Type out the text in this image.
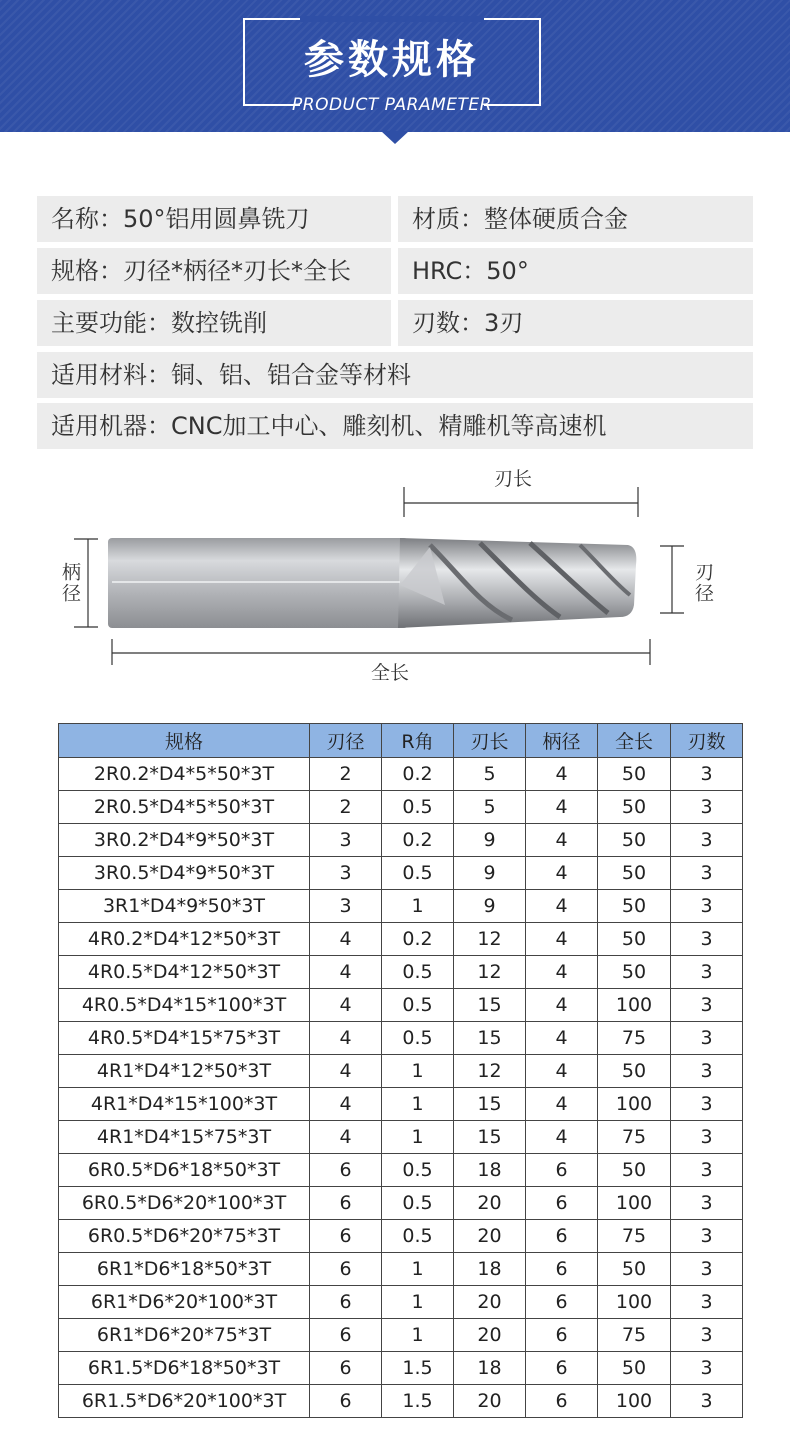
参数规格
PRODUCT PARAMETER
名称：50°铝用圆鼻铣刀	材质：整体硬质合金
规格：刃径*柄径*刃长*全长	HRC：50°
主要功能：数控铣削	刃数：3刃
适用材料：铜、铝、铝合金等材料
适用机器：CNC加工中心、雕刻机、精雕机等高速机
刃长
柄径	刃径
全长
规格	刃径	R角	刃长	柄径	全长	刃数
2R0.2*D4*5*50*3T	2	0.2	5	4	50	3
2R0.5*D4*5*50*3T	2	0.5	5	4	50	3
3R0.2*D4*9*50*3T	3	0.2	9	4	50	3
3R0.5*D4*9*50*3T	3	0.5	9	4	50	3
3R1*D4*9*50*3T	3	1	9	4	50	3
4R0.2*D4*12*50*3T	4	0.2	12	4	50	3
4R0.5*D4*12*50*3T	4	0.5	12	4	50	3
4R0.5*D4*15*100*3T	4	0.5	15	4	100	3
4R0.5*D4*15*75*3T	4	0.5	15	4	75	3
4R1*D4*12*50*3T	4	1	12	4	50	3
4R1*D4*15*100*3T	4	1	15	4	100	3
4R1*D4*15*75*3T	4	1	15	4	75	3
6R0.5*D6*18*50*3T	6	0.5	18	6	50	3
6R0.5*D6*20*100*3T	6	0.5	20	6	100	3
6R0.5*D6*20*75*3T	6	0.5	20	6	75	3
6R1*D6*18*50*3T	6	1	18	6	50	3
6R1*D6*20*100*3T	6	1	20	6	100	3
6R1*D6*20*75*3T	6	1	20	6	75	3
6R1.5*D6*18*50*3T	6	1.5	18	6	50	3
6R1.5*D6*20*100*3T	6	1.5	20	6	100	3
